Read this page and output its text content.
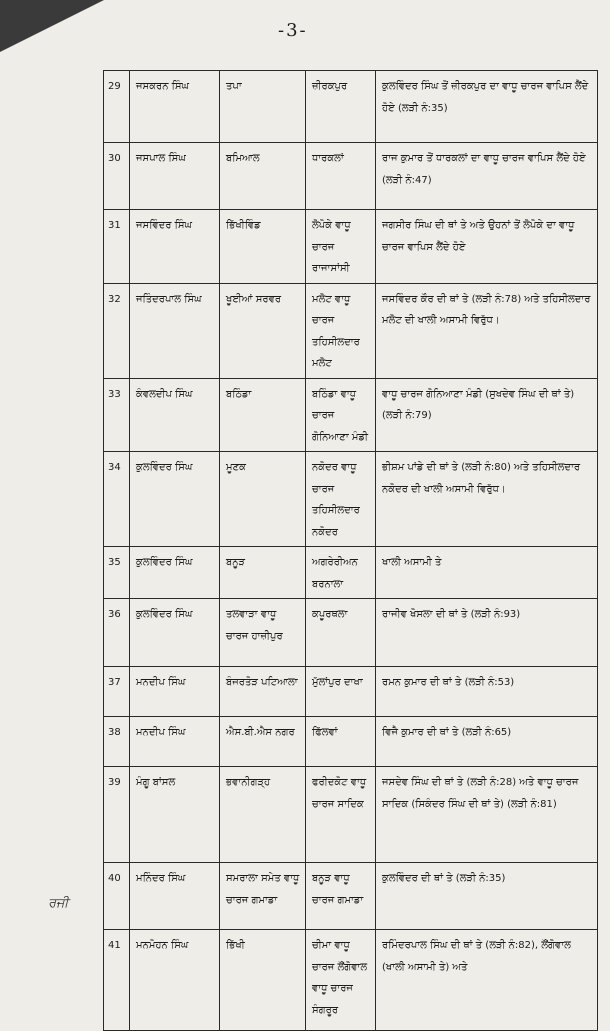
-3-
29	ਜਸਕਰਨ ਸਿੰਘ	ਤਪਾ	ਜ਼ੀਰਕਪੁਰ	ਕੁਲਵਿੰਦਰ ਸਿੰਘ ਤੋਂ ਜ਼ੀਰਕਪੁਰ ਦਾ ਵਾਧੂ ਚਾਰਜ ਵਾਪਿਸ ਲੈਂਦੇ ਹੋਏ (ਲੜੀ ਨੰ:35)
30	ਜਸਪਾਲ ਸਿੰਘ	ਬਮਿਆਲ	ਧਾਰਕਲਾਂ	ਰਾਜ ਕੁਮਾਰ ਤੋਂ ਧਾਰਕਲਾਂ ਦਾ ਵਾਧੂ ਚਾਰਜ ਵਾਪਿਸ ਲੈਂਦੇ ਹੋਏ (ਲੜੀ ਨੰ:47)
31	ਜਸਵਿੰਦਰ ਸਿੰਘ	ਭਿੱਖੀਵਿੰਡ	ਲੋਪੋਕੇ ਵਾਧੂ ਚਾਰਜ ਰਾਜਾਸਾਂਸੀ	ਜਗਸੀਰ ਸਿੰਘ ਦੀ ਥਾਂ ਤੇ ਅਤੇ ਉਹਨਾਂ ਤੋਂ ਲੋਪੋਕੇ ਦਾ ਵਾਧੂ ਚਾਰਜ ਵਾਪਿਸ ਲੈਂਦੇ ਹੋਏ
32	ਜਤਿੰਦਰਪਾਲ ਸਿੰਘ	ਖੂਈਆਂ ਸਰਵਰ	ਮਲੋਟ ਵਾਧੂ ਚਾਰਜ ਤਹਿਸੀਲਦਾਰ ਮਲੋਟ	ਜਸਵਿੰਦਰ ਕੌਰ ਦੀ ਥਾਂ ਤੇ (ਲੜੀ ਨੰ:78) ਅਤੇ ਤਹਿਸੀਲਦਾਰ ਮਲੋਟ ਦੀ ਖਾਲੀ ਅਸਾਮੀ ਵਿਰੁੱਧ।
33	ਕੰਵਲਦੀਪ ਸਿੰਘ	ਬਠਿੰਡਾ	ਬਠਿੰਡਾ ਵਾਧੂ ਚਾਰਜ ਗੋਨਿਆਣਾ ਮੰਡੀ	ਵਾਧੂ ਚਾਰਜ ਗੋਨਿਆਣਾ ਮੰਡੀ (ਸੁਖਦੇਵ ਸਿੰਘ ਦੀ ਥਾਂ ਤੇ) (ਲੜੀ ਨੰ:79)
34	ਕੁਲਵਿੰਦਰ ਸਿੰਘ	ਮੂਣਕ	ਨਕੋਦਰ ਵਾਧੂ ਚਾਰਜ ਤਹਿਸੀਲਦਾਰ ਨਕੋਦਰ	ਭੀਸ਼ਮ ਪਾਂਡੇ ਦੀ ਥਾਂ ਤੇ (ਲੜੀ ਨੰ:80) ਅਤੇ ਤਹਿਸੀਲਦਾਰ ਨਕੋਦਰ ਦੀ ਖਾਲੀ ਅਸਾਮੀ ਵਿਰੁੱਧ।
35	ਕੁਲਵਿੰਦਰ ਸਿੰਘ	ਬਨੂੜ	ਅਗਰੇਰੀਅਨ ਬਰਨਾਲਾ	ਖਾਲੀ ਅਸਾਮੀ ਤੇ
36	ਕੁਲਵਿੰਦਰ ਸਿੰਘ	ਤਲਵਾੜਾ ਵਾਧੂ ਚਾਰਜ ਹਾਜ਼ੀਪੁਰ	ਕਪੂਰਥਲਾ	ਰਾਜੀਵ ਖੋਸਲਾ ਦੀ ਥਾਂ ਤੇ (ਲੜੀ ਨੰ:93)
37	ਮਨਦੀਪ ਸਿੰਘ	ਬੰਜਰਤੋੜ ਪਟਿਆਲਾ	ਮੁੱਲਾਂਪੁਰ ਦਾਖਾ	ਰਮਨ ਕੁਮਾਰ ਦੀ ਥਾਂ ਤੇ (ਲੜੀ ਨੰ:53)
38	ਮਨਦੀਪ ਸਿੰਘ	ਐਸ.ਬੀ.ਐਸ ਨਗਰ	ਫਿੱਲਵਾਂ	ਵਿਜੈ ਕੁਮਾਰ ਦੀ ਥਾਂ ਤੇ (ਲੜੀ ਨੰ:65)
39	ਮੰਗੂ ਬਾਂਸਲ	ਭਵਾਨੀਗੜ੍ਹ	ਫਰੀਦਕੋਟ ਵਾਧੂ ਚਾਰਜ ਸਾਦਿਕ	ਜਸਦੇਵ ਸਿੰਘ ਦੀ ਥਾਂ ਤੇ (ਲੜੀ ਨੰ:28) ਅਤੇ ਵਾਧੂ ਚਾਰਜ ਸਾਦਿਕ (ਸਿਕੰਦਰ ਸਿੰਘ ਦੀ ਥਾਂ ਤੇ) (ਲੜੀ ਨੰ:81)
40	ਮਨਿੰਦਰ ਸਿੰਘ	ਸਮਰਾਲਾ ਸਮੇਤ ਵਾਧੂ ਚਾਰਜ ਗਮਾਡਾ	ਬਨੂੜ ਵਾਧੂ ਚਾਰਜ ਗਮਾਡਾ	ਕੁਲਵਿੰਦਰ ਦੀ ਥਾਂ ਤੇ (ਲੜੀ ਨੰ:35)
41	ਮਨਮੋਹਨ ਸਿੰਘ	ਭਿੱਖੀ	ਚੀਮਾ ਵਾਧੂ ਚਾਰਜ ਲੌਂਗੋਵਾਲ ਵਾਧੂ ਚਾਰਜ ਸੰਗਰੂਰ	ਰਮਿੰਦਰਪਾਲ ਸਿੰਘ ਦੀ ਥਾਂ ਤੇ (ਲੜੀ ਨੰ:82), ਲੌਂਗੋਵਾਲ (ਖਾਲੀ ਅਸਾਮੀ ਤੇ) ਅਤੇ
ਰਜੀ
